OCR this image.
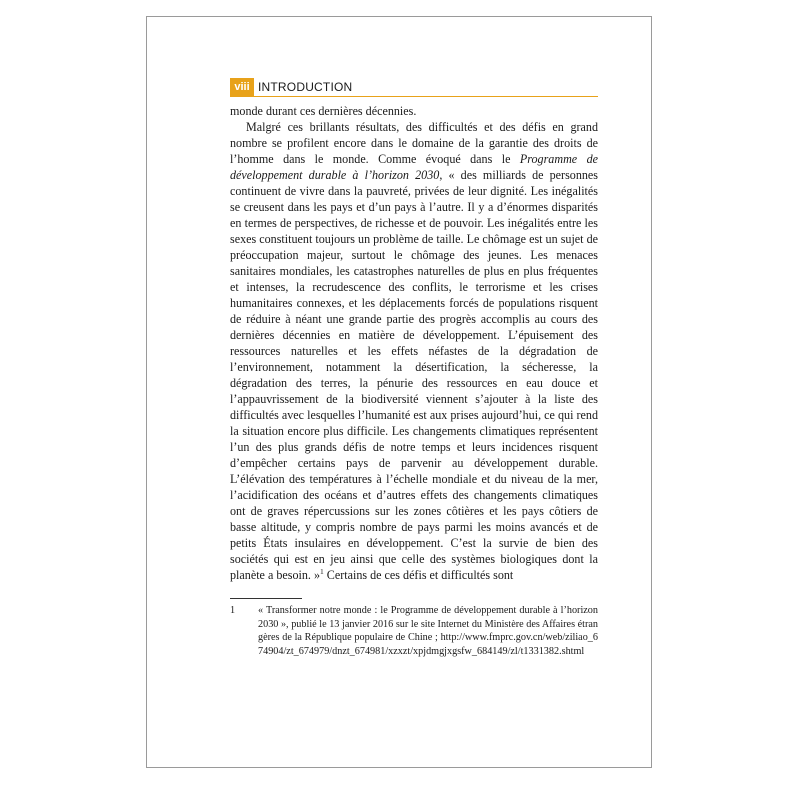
viii INTRODUCTION

monde durant ces dernières décennies.

Malgré ces brillants résultats, des difficultés et des défis en grand nombre se profilent encore dans le domaine de la garantie des droits de l’homme dans le monde. Comme évoqué dans le Programme de développement durable à l’horizon 2030, « des milliards de personnes continuent de vivre dans la pauvreté, privées de leur dignité. Les inégalités se creusent dans les pays et d’un pays à l’autre. Il y a d’énormes disparités en termes de perspectives, de richesse et de pouvoir. Les inégalités entre les sexes constituent toujours un problème de taille. Le chômage est un sujet de préoccupation majeur, surtout le chômage des jeunes. Les menaces sanitaires mondiales, les catastrophes naturelles de plus en plus fréquentes et intenses, la recrudescence des conflits, le terrorisme et les crises humanitaires connexes, et les déplacements forcés de populations risquent de réduire à néant une grande partie des progrès accomplis au cours des dernières décennies en matière de développement. L’épuisement des ressources naturelles et les effets néfastes de la dégradation de l’environnement, notamment la désertification, la sécheresse, la dégradation des terres, la pénurie des ressources en eau douce et l’appauvrissement de la biodiversité viennent s’ajouter à la liste des difficultés avec lesquelles l’humanité est aux prises aujourd’hui, ce qui rend la situation encore plus difficile. Les changements climatiques représentent l’un des plus grands défis de notre temps et leurs incidences risquent d’empêcher certains pays de parvenir au développement durable. L’élévation des températures à l’échelle mondiale et du niveau de la mer, l’acidification des océans et d’autres effets des changements climatiques ont de graves répercussions sur les zones côtières et les pays côtiers de basse altitude, y compris nombre de pays parmi les moins avancés et de petits États insulaires en développement. C’est la survie de bien des sociétés qui est en jeu ainsi que celle des systèmes biologiques dont la planète a besoin. »$^1$ Certains de ces défis et difficultés sont

1 « Transformer notre monde : le Programme de développement durable à l’horizon 2030 », publié le 13 janvier 2016 sur le site Internet du Ministère des Affaires étrangères de la République populaire de Chine ; http://www.fmprc.gov.cn/web/ziliao_674904/zt_674979/dnzt_674981/xzxzt/xpjdmgjxgsfw_684149/zl/t1331382.shtml
